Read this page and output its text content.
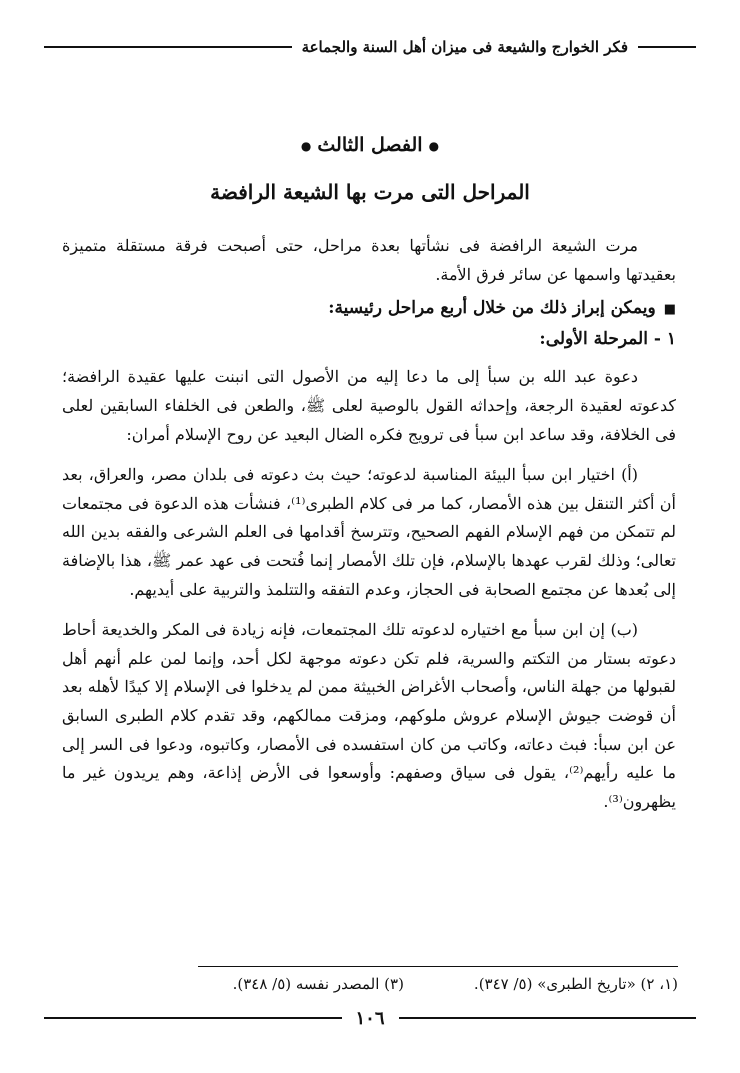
فكر الخوارج والشيعة فى ميزان أهل السنة والجماعة
●الفصل الثالث●
المراحل التى مرت بها الشيعة الرافضة

مرت الشيعة الرافضة فى نشأتها بعدة مراحل، حتى أصبحت فرقة مستقلة متميزة بعقيدتها واسمها عن سائر فرق الأمة.

■ويمكن إبراز ذلك من خلال أربع مراحل رئيسية:

١ - المرحلة الأولى:

دعوة عبد الله بن سبأ إلى ما دعا إليه من الأصول التى انبنت عليها عقيدة الرافضة؛ كدعوته لعقيدة الرجعة، وإحداثه القول بالوصية لعلى ﷺ، والطعن فى الخلفاء السابقين لعلى فى الخلافة، وقد ساعد ابن سبأ فى ترويج فكره الضال البعيد عن روح الإسلام أمران:

(أ) اختيار ابن سبأ البيئة المناسبة لدعوته؛ حيث بث دعوته فى بلدان مصر، والعراق، بعد أن أكثر التنقل بين هذه الأمصار، كما مر فى كلام الطبرى⁽¹⁾، فنشأت هذه الدعوة فى مجتمعات لم تتمكن من فهم الإسلام الفهم الصحيح، وتترسخ أقدامها فى العلم الشرعى والفقه بدين الله تعالى؛ وذلك لقرب عهدها بالإسلام، فإن تلك الأمصار إنما فُتحت فى عهد عمر ﷺ، هذا بالإضافة إلى بُعدها عن مجتمع الصحابة فى الحجاز، وعدم التفقه والتتلمذ والتربية على أيديهم.

(ب) إن ابن سبأ مع اختياره لدعوته تلك المجتمعات، فإنه زيادة فى المكر والخديعة أحاط دعوته بستار من التكتم والسرية، فلم تكن دعوته موجهة لكل أحد، وإنما لمن علم أنهم أهل لقبولها من جهلة الناس، وأصحاب الأغراض الخبيثة ممن لم يدخلوا فى الإسلام إلا كيدًا لأهله بعد أن قوضت جيوش الإسلام عروش ملوكهم، ومزقت ممالكهم، وقد تقدم كلام الطبرى السابق عن ابن سبأ: فبث دعاته، وكاتب من كان استفسده فى الأمصار، وكاتبوه، ودعوا فى السر إلى ما عليه رأيهم⁽²⁾، يقول فى سياق وصفهم: وأوسعوا فى الأرض إذاعة، وهم يريدون غير ما يظهرون⁽³⁾.

(١، ٢) «تاريخ الطبرى» (٥/ ٣٤٧).
(٣) المصدر نفسه (٥/ ٣٤٨).
١٠٦
